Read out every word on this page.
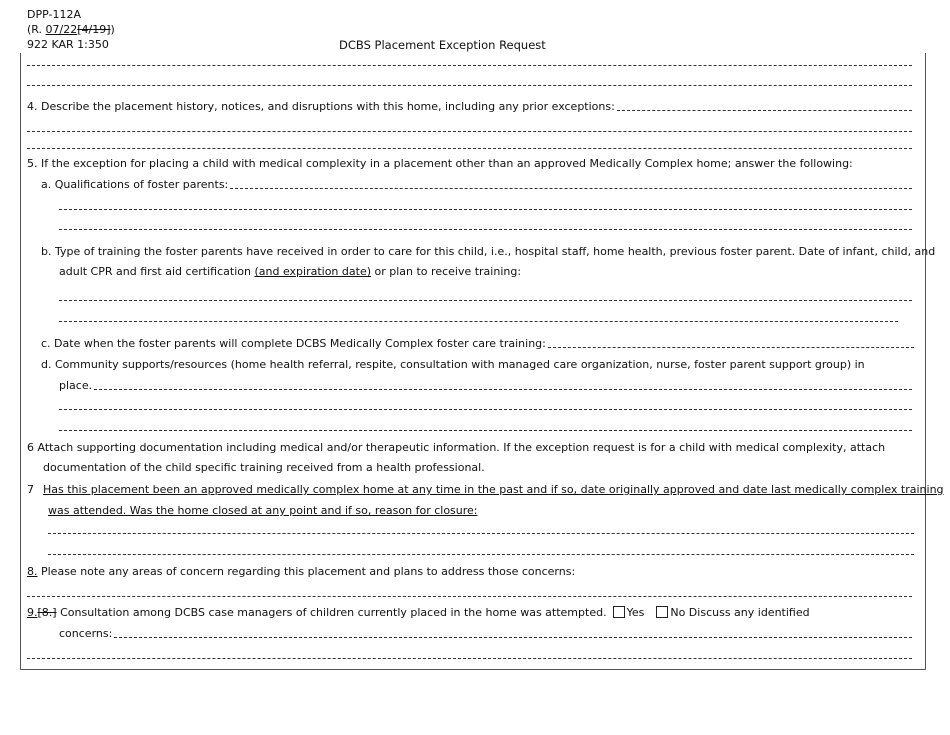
DPP-112A
(R. 07/22[4/19])
922 KAR 1:350	DCBS Placement Exception Request
4. Describe the placement history, notices, and disruptions with this home, including any prior exceptions:
5. If the exception for placing a child with medical complexity in a placement other than an approved Medically Complex home; answer the following:
a. Qualifications of foster parents:
b. Type of training the foster parents have received in order to care for this child, i.e., hospital staff, home health, previous foster parent. Date of infant, child, and
adult CPR and first aid certification (and expiration date) or plan to receive training:
c. Date when the foster parents will complete DCBS Medically Complex foster care training:
d. Community supports/resources (home health referral, respite, consultation with managed care organization, nurse, foster parent support group) in
place.
6 Attach supporting documentation including medical and/or therapeutic information. If the exception request is for a child with medical complexity, attach
documentation of the child specific training received from a health professional.
7 Has this placement been an approved medically complex home at any time in the past and if so, date originally approved and date last medically complex training
was attended. Was the home closed at any point and if so, reason for closure:
8. Please note any areas of concern regarding this placement and plans to address those concerns:
9.[8.] Consultation among DCBS case managers of children currently placed in the home was attempted. Yes No Discuss any identified
concerns:
